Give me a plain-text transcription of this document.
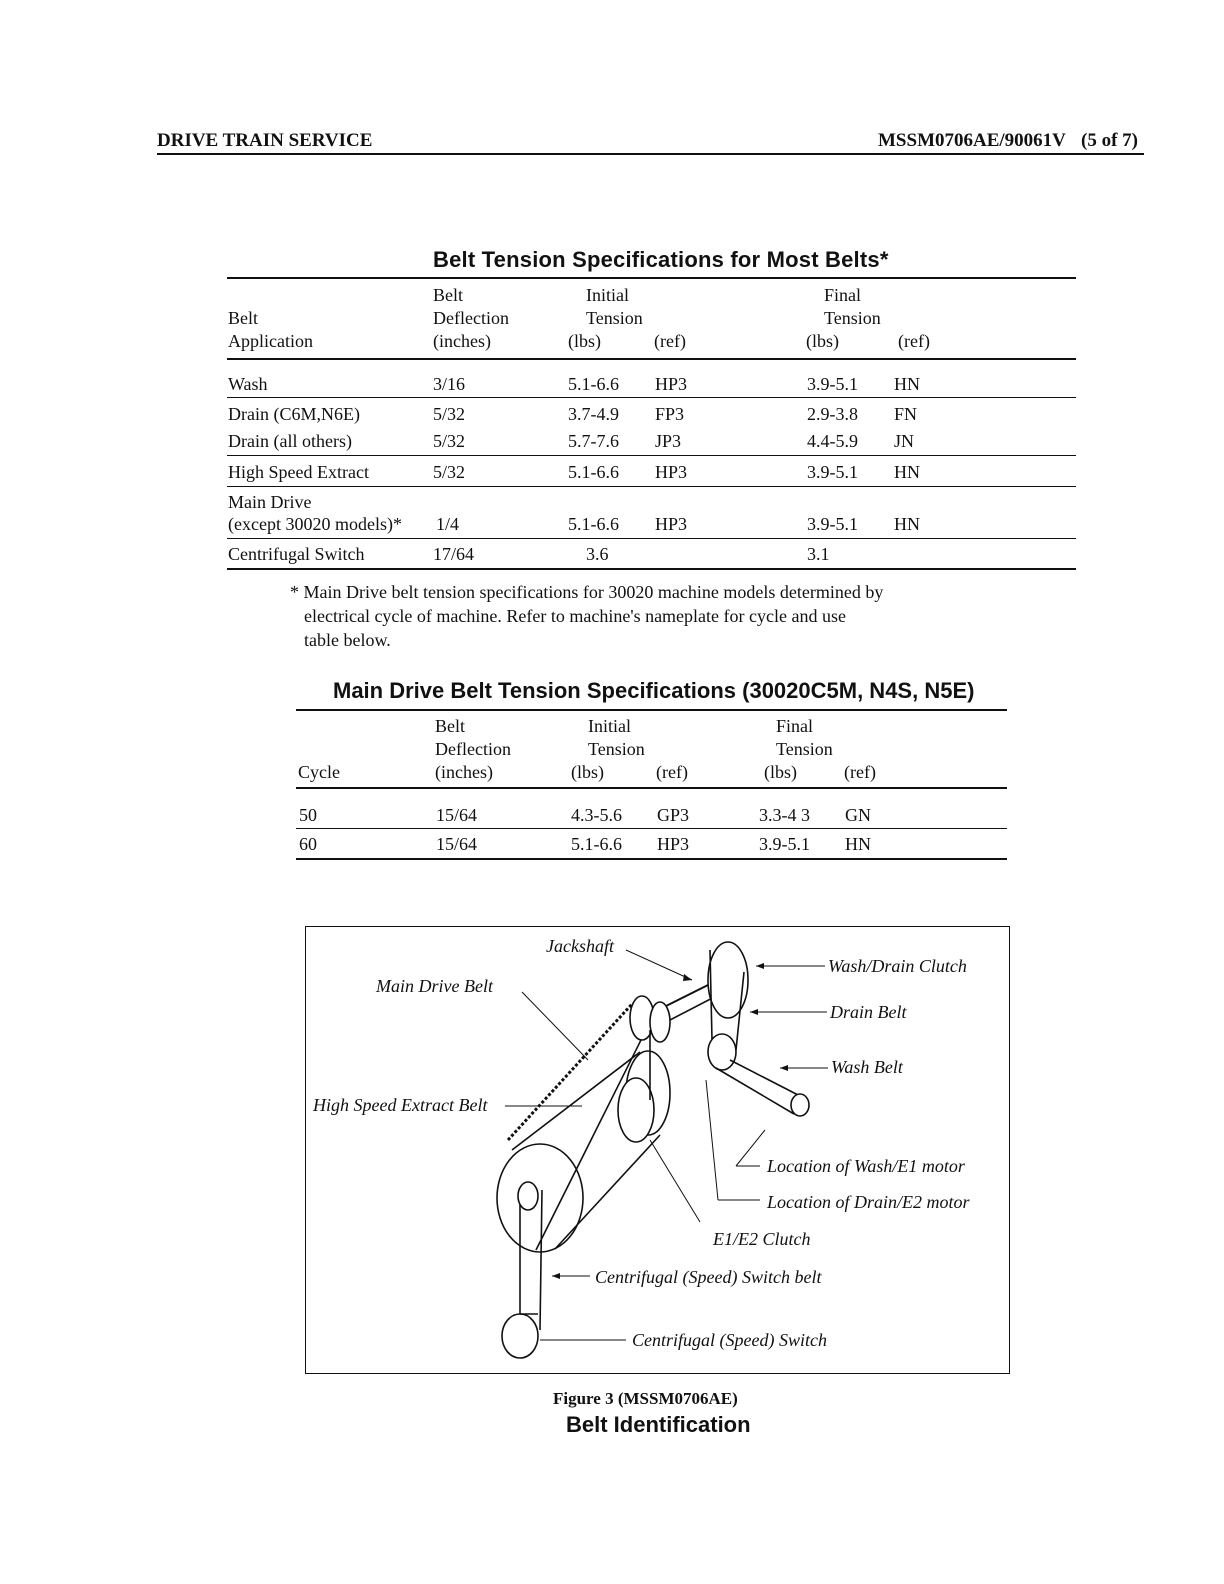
DRIVE TRAIN SERVICE	MSSM0706AE/90061V (5 of 7)
Belt Tension Specifications for Most Belts*
Belt
Application
Belt
Deflection
(inches)
Initial
Tension
(lbs)	(ref)
Final
Tension
(lbs)	(ref)
Wash	3/16	5.1-6.6 HP3	3.9-5.1 HN
Drain (C6M,N6E)	5/32	3.7-4.9 FP3	2.9-3.8 FN
Drain (all others)	5/32	5.7-7.6 JP3	4.4-5.9 JN
High Speed Extract	5/32	5.1-6.6 HP3	3.9-5.1 HN
Main Drive
(except 30020 models)* 1/4	5.1-6.6 HP3	3.9-5.1 HN
Centrifugal Switch	17/64	3.6	3.1
* Main Drive belt tension specifications for 30020 machine models determined by
electrical cycle of machine. Refer to machine's nameplate for cycle and use
table below.
Main Drive Belt Tension Specifications (30020C5M, N4S, N5E)
Cycle
Belt
Deflection
(inches)
Initial
Tension
(lbs)	(ref)
Final
Tension
(lbs)	(ref)
50	15/64	4.3-5.6 GP3	3.3-4 3 GN
60	15/64	5.1-6.6 HP3	3.9-5.1 HN
Jackshaft
Main Drive Belt
Wash/Drain Clutch
Drain Belt
Wash Belt
High Speed Extract Belt
Location of Wash/E1 motor
Location of Drain/E2 motor
E1/E2 Clutch
Centrifugal (Speed) Switch belt
Centrifugal (Speed) Switch
Figure 3 (MSSM0706AE)
Belt Identification
